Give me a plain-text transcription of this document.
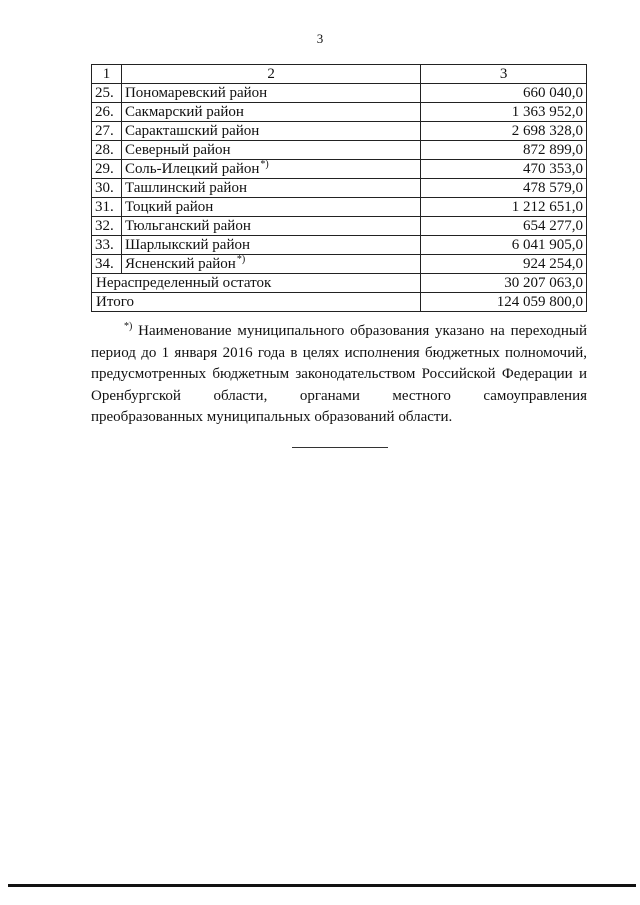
3
1	2	3
25.	Пономаревский район	660 040,0
26.	Сакмарский район	1 363 952,0
27.	Саракташский район	2 698 328,0
28.	Северный район	872 899,0
29.	Соль-Илецкий район*)	470 353,0
30.	Ташлинский район	478 579,0
31.	Тоцкий район	1 212 651,0
32.	Тюльганский район	654 277,0
33.	Шарлыкский район	6 041 905,0
34.	Ясненский район*)	924 254,0
Нераспределенный остаток		30 207 063,0
Итого		124 059 800,0

*) Наименование муниципального образования указано на переходный период до 1 января 2016 года в целях исполнения бюджетных полномочий, предусмотренных бюджетным законодательством Российской Федерации и Оренбургской области, органами местного самоуправления преобразованных муниципальных образований области.
